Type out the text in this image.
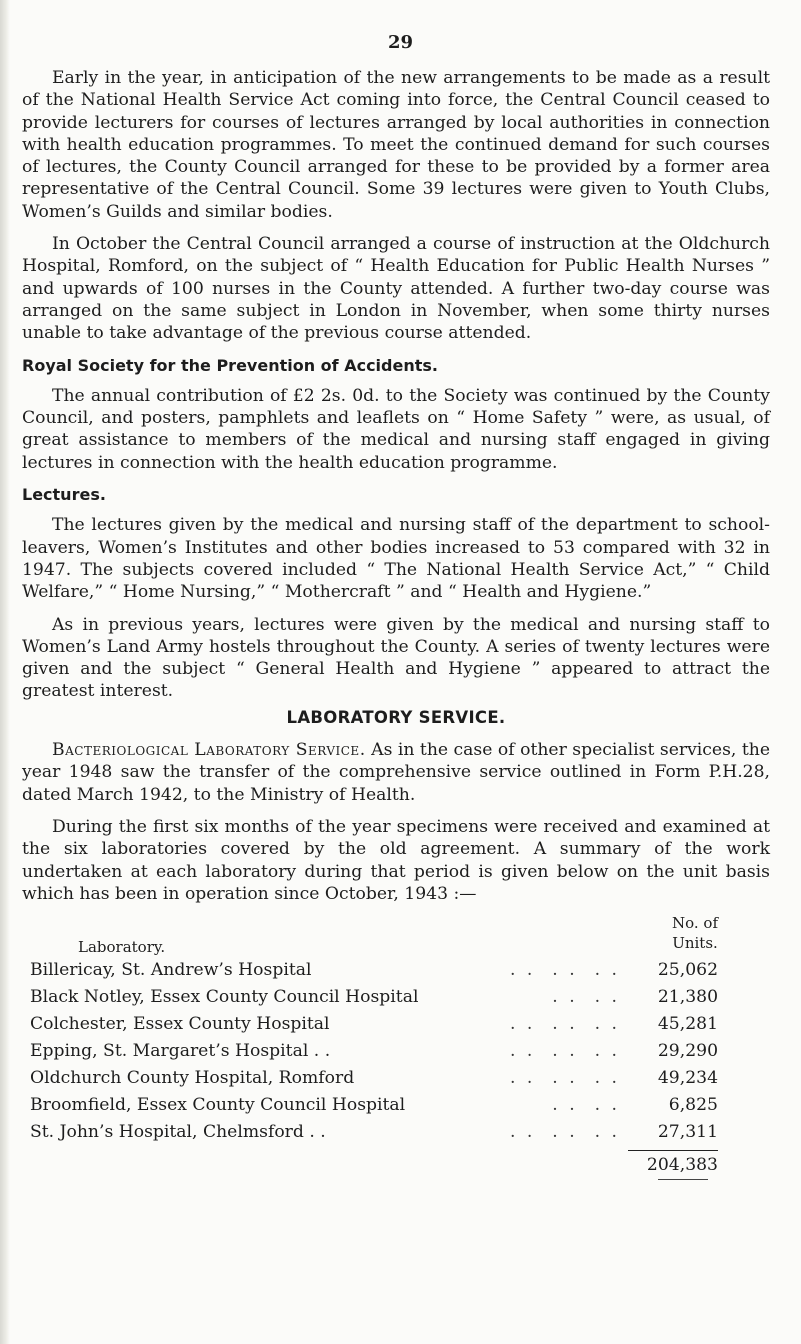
29

Early in the year, in anticipation of the new arrangements to be made as a result of the National Health Service Act coming into force, the Central Council ceased to provide lecturers for courses of lectures arranged by local authorities in connection with health education programmes. To meet the continued demand for such courses of lectures, the County Council arranged for these to be provided by a former area representative of the Central Council. Some 39 lectures were given to Youth Clubs, Women’s Guilds and similar bodies.

In October the Central Council arranged a course of instruction at the Oldchurch Hospital, Romford, on the subject of “ Health Education for Public Health Nurses ” and upwards of 100 nurses in the County attended. A further two-day course was arranged on the same subject in London in November, when some thirty nurses unable to take advantage of the previous course attended.

Royal Society for the Prevention of Accidents.

The annual contribution of £2 2s. 0d. to the Society was continued by the County Council, and posters, pamphlets and leaflets on “ Home Safety ” were, as usual, of great assistance to members of the medical and nursing staff engaged in giving lectures in connection with the health education programme.

Lectures.

The lectures given by the medical and nursing staff of the department to school-leavers, Women’s Institutes and other bodies increased to 53 compared with 32 in 1947. The subjects covered included “ The National Health Service Act,” “ Child Welfare,” “ Home Nursing,” “ Mothercraft ” and “ Health and Hygiene.”

As in previous years, lectures were given by the medical and nursing staff to Women’s Land Army hostels throughout the County. A series of twenty lectures were given and the subject “ General Health and Hygiene ” appeared to attract the greatest interest.

LABORATORY SERVICE.

Bacteriological Laboratory Service. As in the case of other specialist services, the year 1948 saw the transfer of the comprehensive service outlined in Form P.H.28, dated March 1942, to the Ministry of Health.

During the first six months of the year specimens were received and examined at the six laboratories covered by the old agreement. A summary of the work undertaken at each laboratory during that period is given below on the unit basis which has been in operation since October, 1943 :—

Laboratory.
No. of
Units.
Billericay, St. Andrew’s Hospital	. .  . .  . . 25,062
Black Notley, Essex County Council Hospital	. .  . . 21,380
Colchester, Essex County Hospital	. .  . .  . . 45,281
Epping, St. Margaret’s Hospital . .	. .  . .  . . 29,290
Oldchurch County Hospital, Romford	. .  . .  . . 49,234
Broomfield, Essex County Council Hospital	. .  . .	6,825
St. John’s Hospital, Chelmsford . .	. .  . .  . . 27,311
204,383
